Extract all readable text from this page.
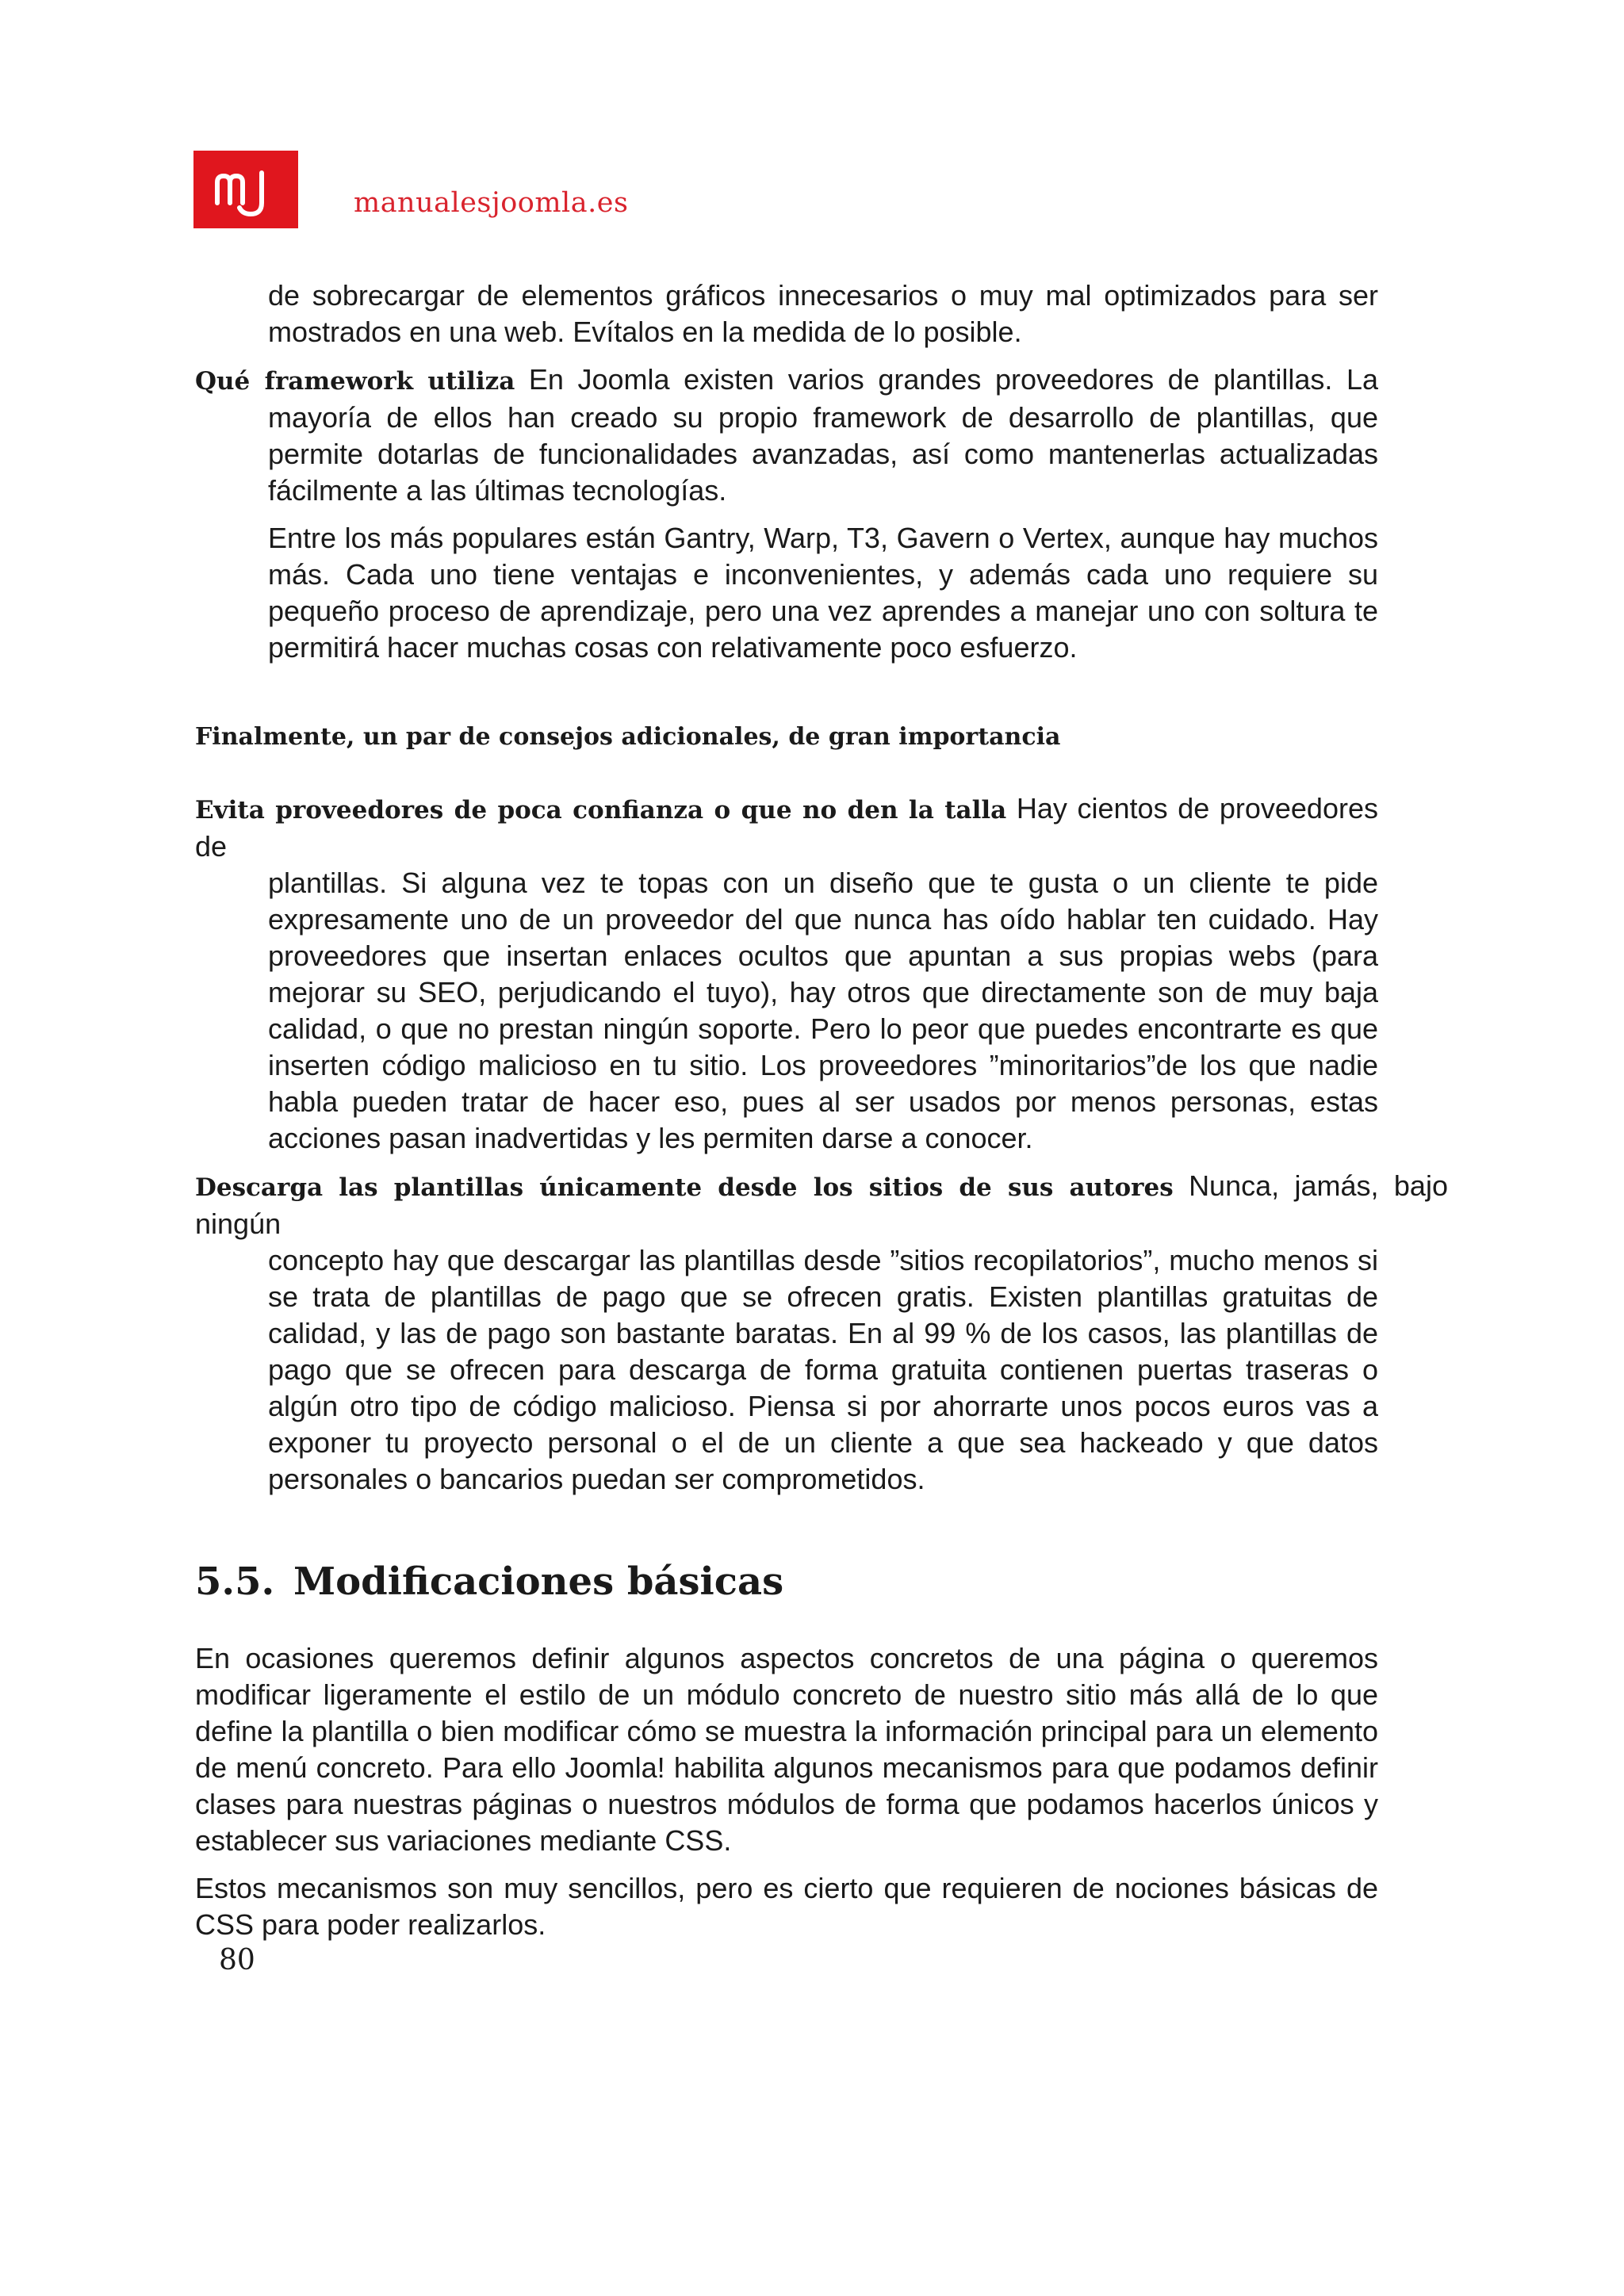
manualesjoomla.es

de sobrecargar de elementos gráficos innecesarios o muy mal optimizados para ser mostrados en una web. Evítalos en la medida de lo posible.

Qué framework utiliza En Joomla existen varios grandes proveedores de plantillas. La
mayoría de ellos han creado su propio framework de desarrollo de plantillas, que permite dotarlas de funcionalidades avanzadas, así como mantenerlas actualizadas fácilmente a las últimas tecnologías.

Entre los más populares están Gantry, Warp, T3, Gavern o Vertex, aunque hay muchos más. Cada uno tiene ventajas e inconvenientes, y además cada uno requiere su pequeño proceso de aprendizaje, pero una vez aprendes a manejar uno con soltura te permitirá hacer muchas cosas con relativamente poco esfuerzo.

Finalmente, un par de consejos adicionales, de gran importancia
Evita proveedores de poca confianza o que no den la talla Hay cientos de proveedores de
plantillas. Si alguna vez te topas con un diseño que te gusta o un cliente te pide expresamente uno de un proveedor del que nunca has oído hablar ten cuidado. Hay proveedores que insertan enlaces ocultos que apuntan a sus propias webs (para mejorar su SEO, perjudicando el tuyo), hay otros que directamente son de muy baja calidad, o que no prestan ningún soporte. Pero lo peor que puedes encontrarte es que inserten código malicioso en tu sitio. Los proveedores ”minoritarios”de los que nadie habla pueden tratar de hacer eso, pues al ser usados por menos personas, estas acciones pasan inadvertidas y les permiten darse a conocer.
Descarga las plantillas únicamente desde los sitios de sus autores Nunca, jamás, bajo ningún
concepto hay que descargar las plantillas desde ”sitios recopilatorios”, mucho menos si se trata de plantillas de pago que se ofrecen gratis. Existen plantillas gratuitas de calidad, y las de pago son bastante baratas. En al 99 % de los casos, las plantillas de pago que se ofrecen para descarga de forma gratuita contienen puertas traseras o algún otro tipo de código malicioso. Piensa si por ahorrarte unos pocos euros vas a exponer tu proyecto personal o el de un cliente a que sea hackeado y que datos personales o bancarios puedan ser comprometidos.
5.5. Modificaciones básicas

En ocasiones queremos definir algunos aspectos concretos de una página o queremos modificar ligeramente el estilo de un módulo concreto de nuestro sitio más allá de lo que define la plantilla o bien modificar cómo se muestra la información principal para un elemento de menú concreto. Para ello Joomla! habilita algunos mecanismos para que podamos definir clases para nuestras páginas o nuestros módulos de forma que podamos hacerlos únicos y establecer sus variaciones mediante CSS.

Estos mecanismos son muy sencillos, pero es cierto que requieren de nociones básicas de CSS para poder realizarlos.

80
